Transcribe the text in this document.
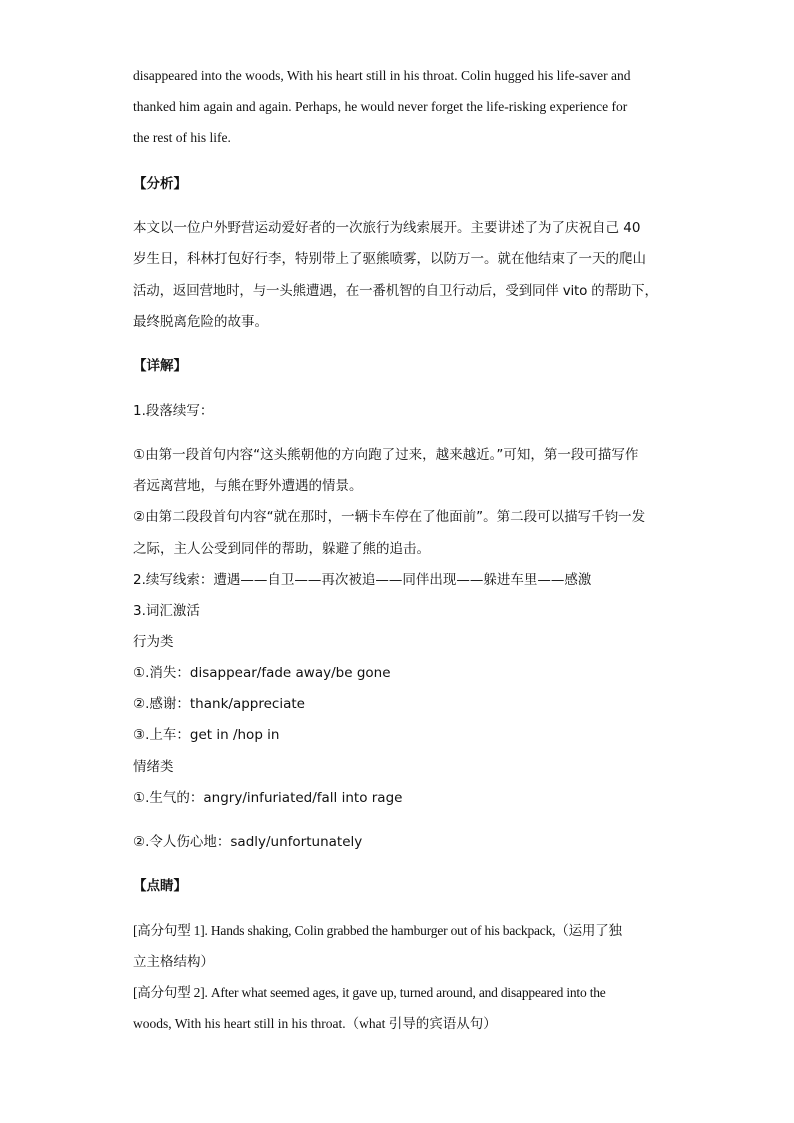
disappeared into the woods, With his heart still in his throat. Colin hugged his life-saver and
thanked him again and again. Perhaps, he would never forget the life-risking experience for
the rest of his life.
【分析】
本文以一位户外野营运动爱好者的一次旅行为线索展开。主要讲述了为了庆祝自己 40
岁生日，科林打包好行李，特别带上了驱熊喷雾，以防万一。就在他结束了一天的爬山
活动，返回营地时，与一头熊遭遇，在一番机智的自卫行动后，受到同伴 vito 的帮助下，
最终脱离危险的故事。
【详解】
1.段落续写：
①由第一段首句内容“这头熊朝他的方向跑了过来，越来越近。”可知，第一段可描写作
者远离营地，与熊在野外遭遇的情景。
②由第二段段首句内容“就在那时，一辆卡车停在了他面前”。第二段可以描写千钧一发
之际，主人公受到同伴的帮助，躲避了熊的追击。
2.续写线索：遭遇——自卫——再次被追——同伴出现——躲进车里——感激
3.词汇激活
行为类
①.消失：disappear/fade away/be gone
②.感谢：thank/appreciate
③.上车：get in /hop in
情绪类
①.生气的：angry/infuriated/fall into rage
②.令人伤心地：sadly/unfortunately
【点睛】
[高分句型 1]. Hands shaking, Colin grabbed the hamburger out of his backpack,（运用了独
立主格结构）
[高分句型 2]. After what seemed ages, it gave up, turned around, and disappeared into the
woods, With his heart still in his throat.（what 引导的宾语从句）
